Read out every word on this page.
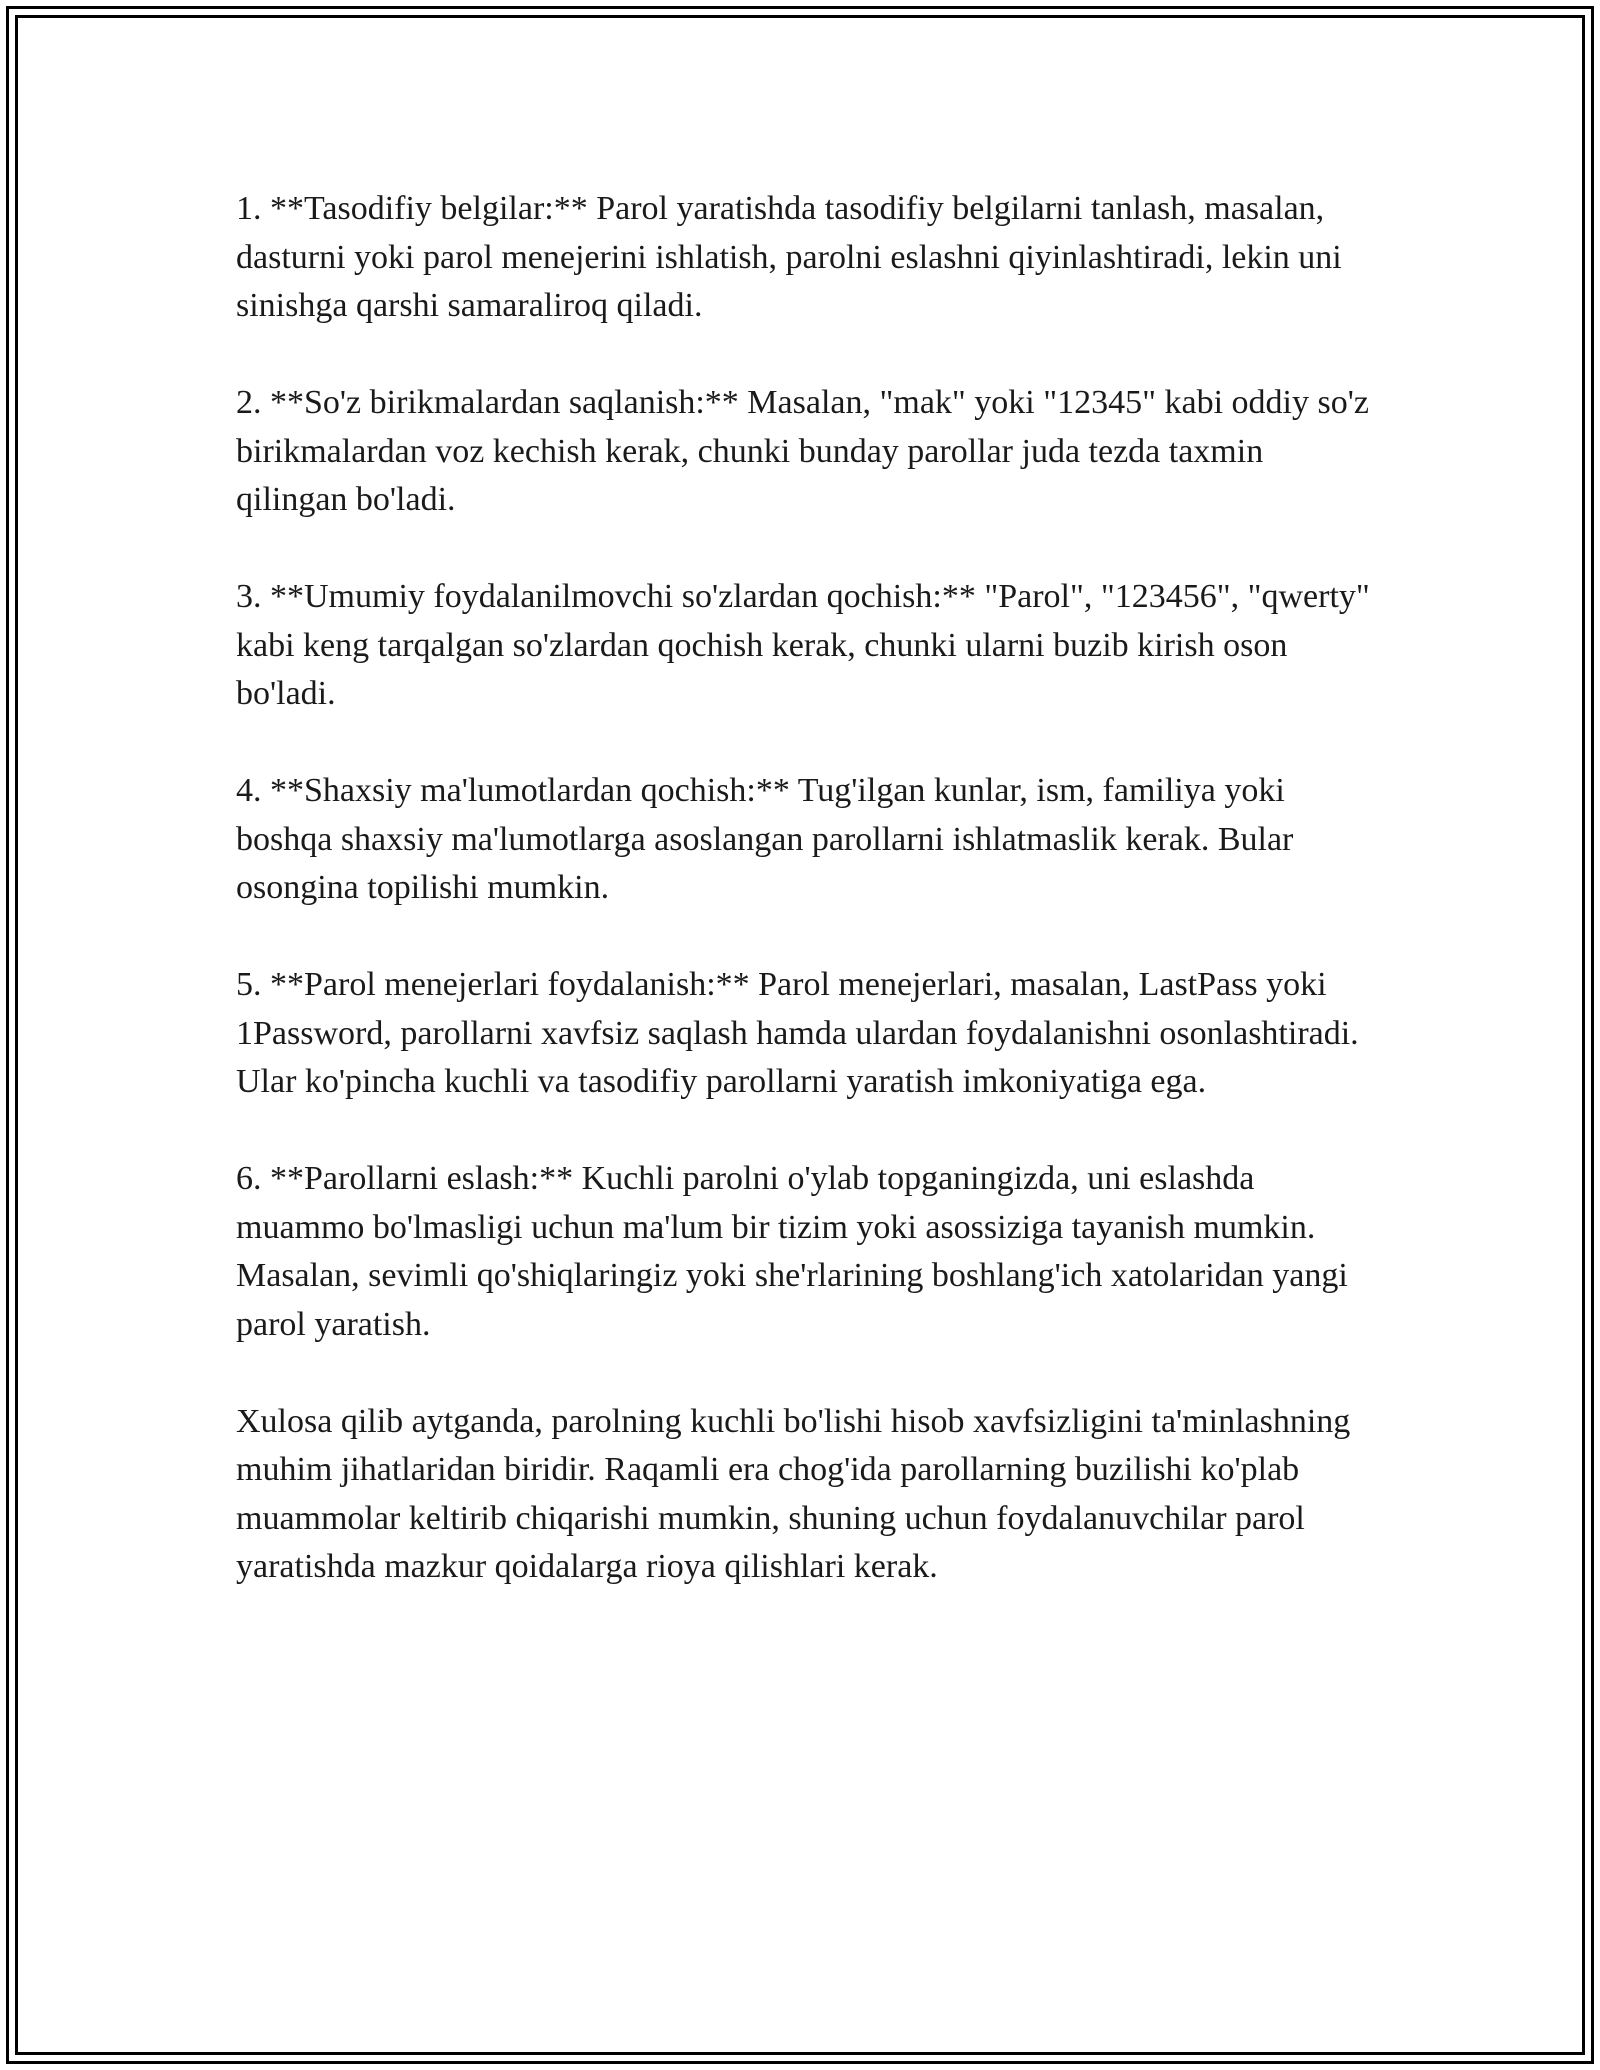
1. **Tasodifiy belgilar:** Parol yaratishda tasodifiy belgilarni tanlash, masalan, dasturni yoki parol menejerini ishlatish, parolni eslashni qiyinlashtiradi, lekin uni sinishga qarshi samaraliroq qiladi.

2. **So'z birikmalardan saqlanish:** Masalan, "mak" yoki "12345" kabi oddiy so'z birikmalardan voz kechish kerak, chunki bunday parollar juda tezda taxmin qilingan bo'ladi.

3. **Umumiy foydalanilmovchi so'zlardan qochish:** "Parol", "123456", "qwerty" kabi keng tarqalgan so'zlardan qochish kerak, chunki ularni buzib kirish oson bo'ladi.

4. **Shaxsiy ma'lumotlardan qochish:** Tug'ilgan kunlar, ism, familiya yoki boshqa shaxsiy ma'lumotlarga asoslangan parollarni ishlatmaslik kerak. Bular osongina topilishi mumkin.

5. **Parol menejerlari foydalanish:** Parol menejerlari, masalan, LastPass yoki 1Password, parollarni xavfsiz saqlash hamda ulardan foydalanishni osonlashtiradi. Ular ko'pincha kuchli va tasodifiy parollarni yaratish imkoniyatiga ega.

6. **Parollarni eslash:** Kuchli parolni o'ylab topganingizda, uni eslashda muammo bo'lmasligi uchun ma'lum bir tizim yoki asossiziga tayanish mumkin. Masalan, sevimli qo'shiqlaringiz yoki she'rlarining boshlang'ich xatolaridan yangi parol yaratish.

Xulosa qilib aytganda, parolning kuchli bo'lishi hisob xavfsizligini ta'minlashning muhim jihatlaridan biridir. Raqamli era chog'ida parollarning buzilishi ko'plab muammolar keltirib chiqarishi mumkin, shuning uchun foydalanuvchilar parol yaratishda mazkur qoidalarga rioya qilishlari kerak.
